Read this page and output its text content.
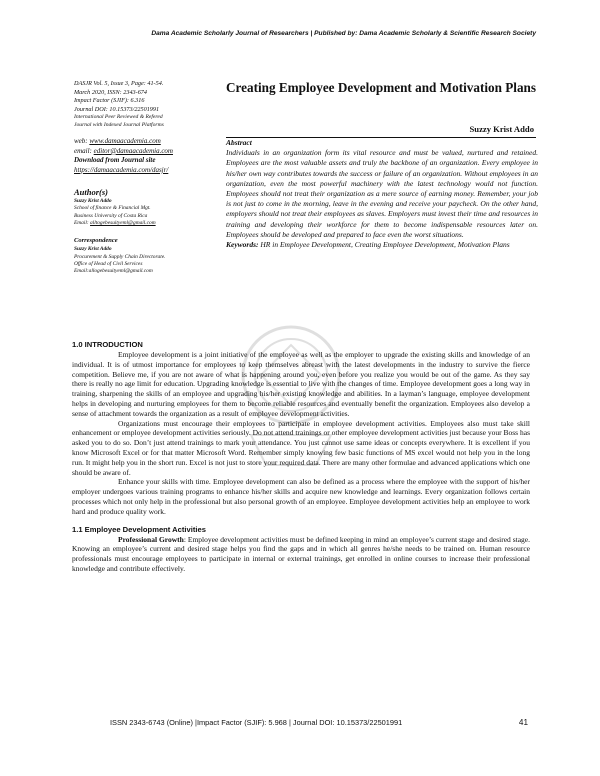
Dama Academic Scholarly Journal of Researchers | Published by: Dama Academic Scholarly & Scientific Research Society

DASJR Vol. 5, Issue 3, Page: 41-54.

March 2020, ISSN: 2343-674

Impact Factor (SJIF): 6.316

Journal DOI: 10.15373/22501991

International Peer Reviewed & Refered

Journal with Indexed Journal Platforms

web: www.damaacademia.com

email: editor@damaacademia.com

Download from Journal site

https://damaacademia.com/dasjr/

Author(s)

Suzzy Krist Addo

School of finance & Financial Mgt.

Business University of Costa Rica

Email: alltogebesuityeml@gmail.com

Correspondence

Suzzy Krist Addo

Procurement & Supply Chain Directorate.

Office of Head of Civil Services

Email:allogebesuityeml@gmail.com

Creating Employee Development and Motivation Plans
Suzzy Krist Addo

Abstract

Individuals in an organization form its vital resource and must be valued, nurtured and retained. Employees are the most valuable assets and truly the backbone of an organization. Every employee in his/her own way contributes towards the success or failure of an organization. Without employees in an organization, even the most powerful machinery with the latest technology would not function. Employees should not treat their organization as a mere source of earning money. Remember, your job is not just to come in the morning, leave in the evening and receive your paycheck. On the other hand, employers should not treat their employees as slaves. Employers must invest their time and resources in training and developing their workforce for them to become indispensable resources later on. Employees should be developed and prepared to face even the worst situations.

Keywords: HR in Employee Development, Creating Employee Development, Motivation Plans

1.0 INTRODUCTION

Employee development is a joint initiative of the employee as well as the employer to upgrade the existing skills and knowledge of an individual. It is of utmost importance for employees to keep themselves abreast with the latest developments in the industry to survive the fierce competition. Believe me, if you are not aware of what is happening around you, even before you realize you would be out of the game. As they say there is really no age limit for education. Upgrading knowledge is essential to live with the changes of time. Employee development goes a long way in training, sharpening the skills of an employee and upgrading his/her existing knowledge and abilities. In a layman’s language, employee development helps in developing and nurturing employees for them to become reliable resources and eventually benefit the organization. Employees also develop a sense of attachment towards the organization as a result of employee development activities.

Organizations must encourage their employees to participate in employee development activities. Employees also must take skill enhancement or employee development activities seriously. Do not attend trainings or other employee development activities just because your Boss has asked you to do so. Don’t just attend trainings to mark your attendance. You just cannot use same ideas or concepts everywhere. It is excellent if you know Microsoft Excel or for that matter Microsoft Word. Remember simply knowing few basic functions of MS excel would not help you in the long run. It might help you in the short run. Excel is not just to store your required data. There are many other formulae and advanced applications which one should be aware of.

Enhance your skills with time. Employee development can also be defined as a process where the employee with the support of his/her employer undergoes various training programs to enhance his/her skills and acquire new knowledge and learnings. Every organization follows certain processes which not only help in the professional but also personal growth of an employee. Employee development activities help an employee to work hard and produce quality work.

1.1 Employee Development Activities

Professional Growth: Employee development activities must be defined keeping in mind an employee’s current stage and desired stage. Knowing an employee’s current and desired stage helps you find the gaps and in which all genres he/she needs to be trained on. Human resource professionals must encourage employees to participate in internal or external trainings, get enrolled in online courses to increase their professional knowledge and contribute effectively.

ISSN 2343-6743 (Online) |Impact Factor (SJIF): 5.968 | Journal DOI: 10.15373/22501991	41
